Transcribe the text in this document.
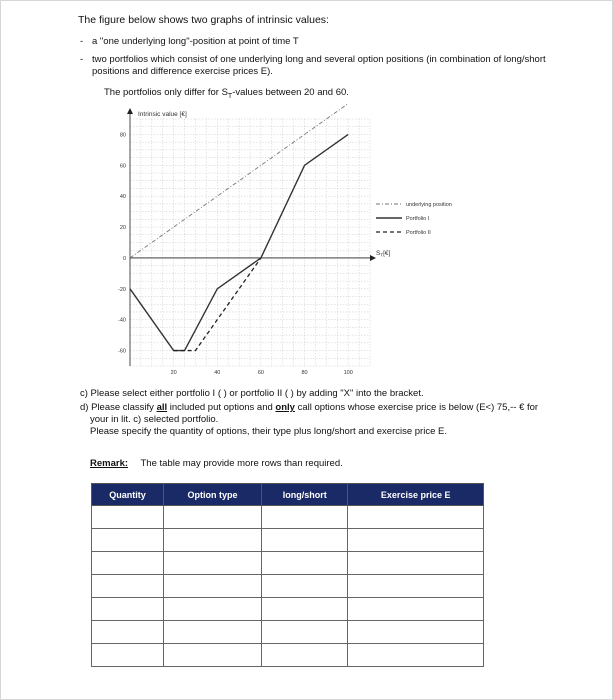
The figure below shows two graphs of intrinsic values:
- a "one underlying long"-position at point of time T
- two portfolios which consist of one underlying long and several option positions (in combination of long/short positions and difference exercise prices E).
The portfolios only differ for $S_T$-values between 20 and 60.
80
60
40
20
0
-20
-40
-60
20	40	60	80	100
Intrinsic value [€]
$S_T[€]$
underlying position
Portfolio I
Portfolio II

c) Please select either portfolio I ( ) or portfolio II ( ) by adding "X" into the bracket.

d) Please classify all included put options and only call options whose exercise price is below (E<) 75,-- € for your in lit. c) selected portfolio.

Please specify the quantity of options, their type plus long/short and exercise price E.

Remark: The table may provide more rows than required.
Quantity	Option type	long/short	Exercise price E
